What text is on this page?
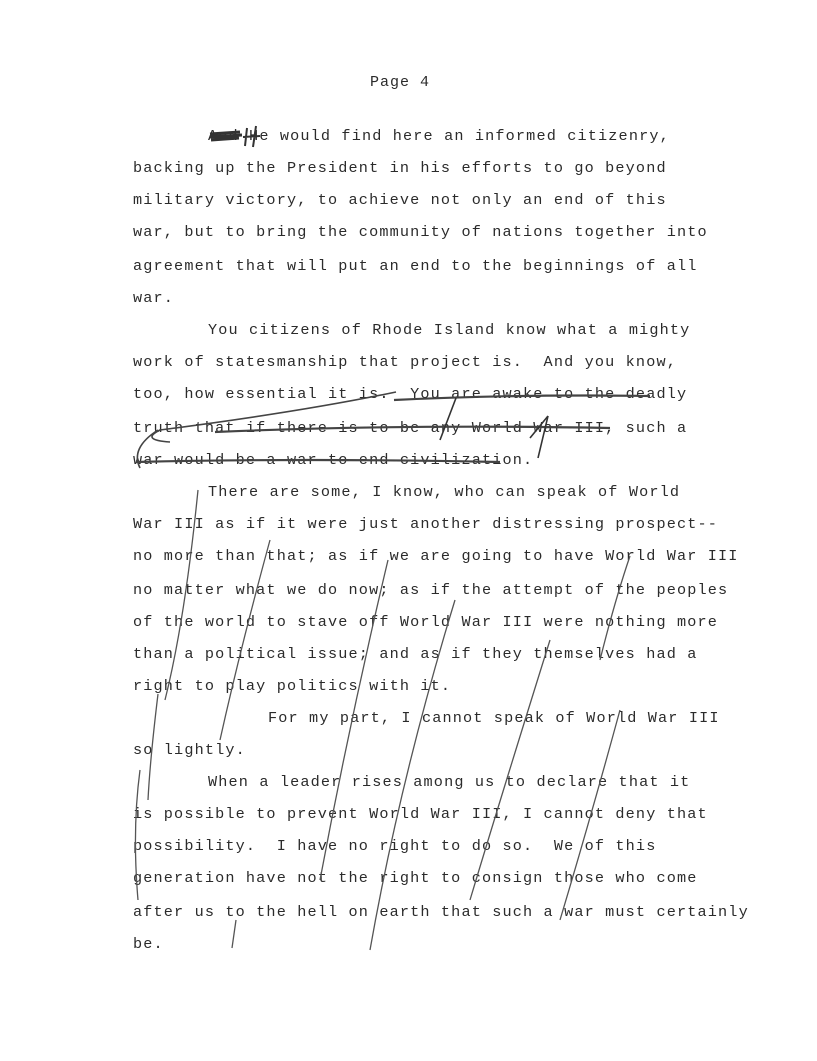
Page 4
And He would find here an informed citizenry,
backing up the President in his efforts to go beyond
military victory, to achieve not only an end of this
war, but to bring the community of nations together into
agreement that will put an end to the beginnings of all
war.
You citizens of Rhode Island know what a mighty
work of statesmanship that project is.  And you know,
too, how essential it is.  You are awake to the deadly
truth that if there is to be any World War III, such a
war would be a war to end civilization.
There are some, I know, who can speak of World
War III as if it were just another distressing prospect--
no more than that; as if we are going to have World War III
no matter what we do now; as if the attempt of the peoples
of the world to stave off World War III were nothing more
than a political issue; and as if they themselves had a
right to play politics with it.
For my part, I cannot speak of World War III
so lightly.
When a leader rises among us to declare that it
is possible to prevent World War III, I cannot deny that
possibility.  I have no right to do so.  We of this
generation have not the right to consign those who come
after us to the hell on earth that such a war must certainly
be.
